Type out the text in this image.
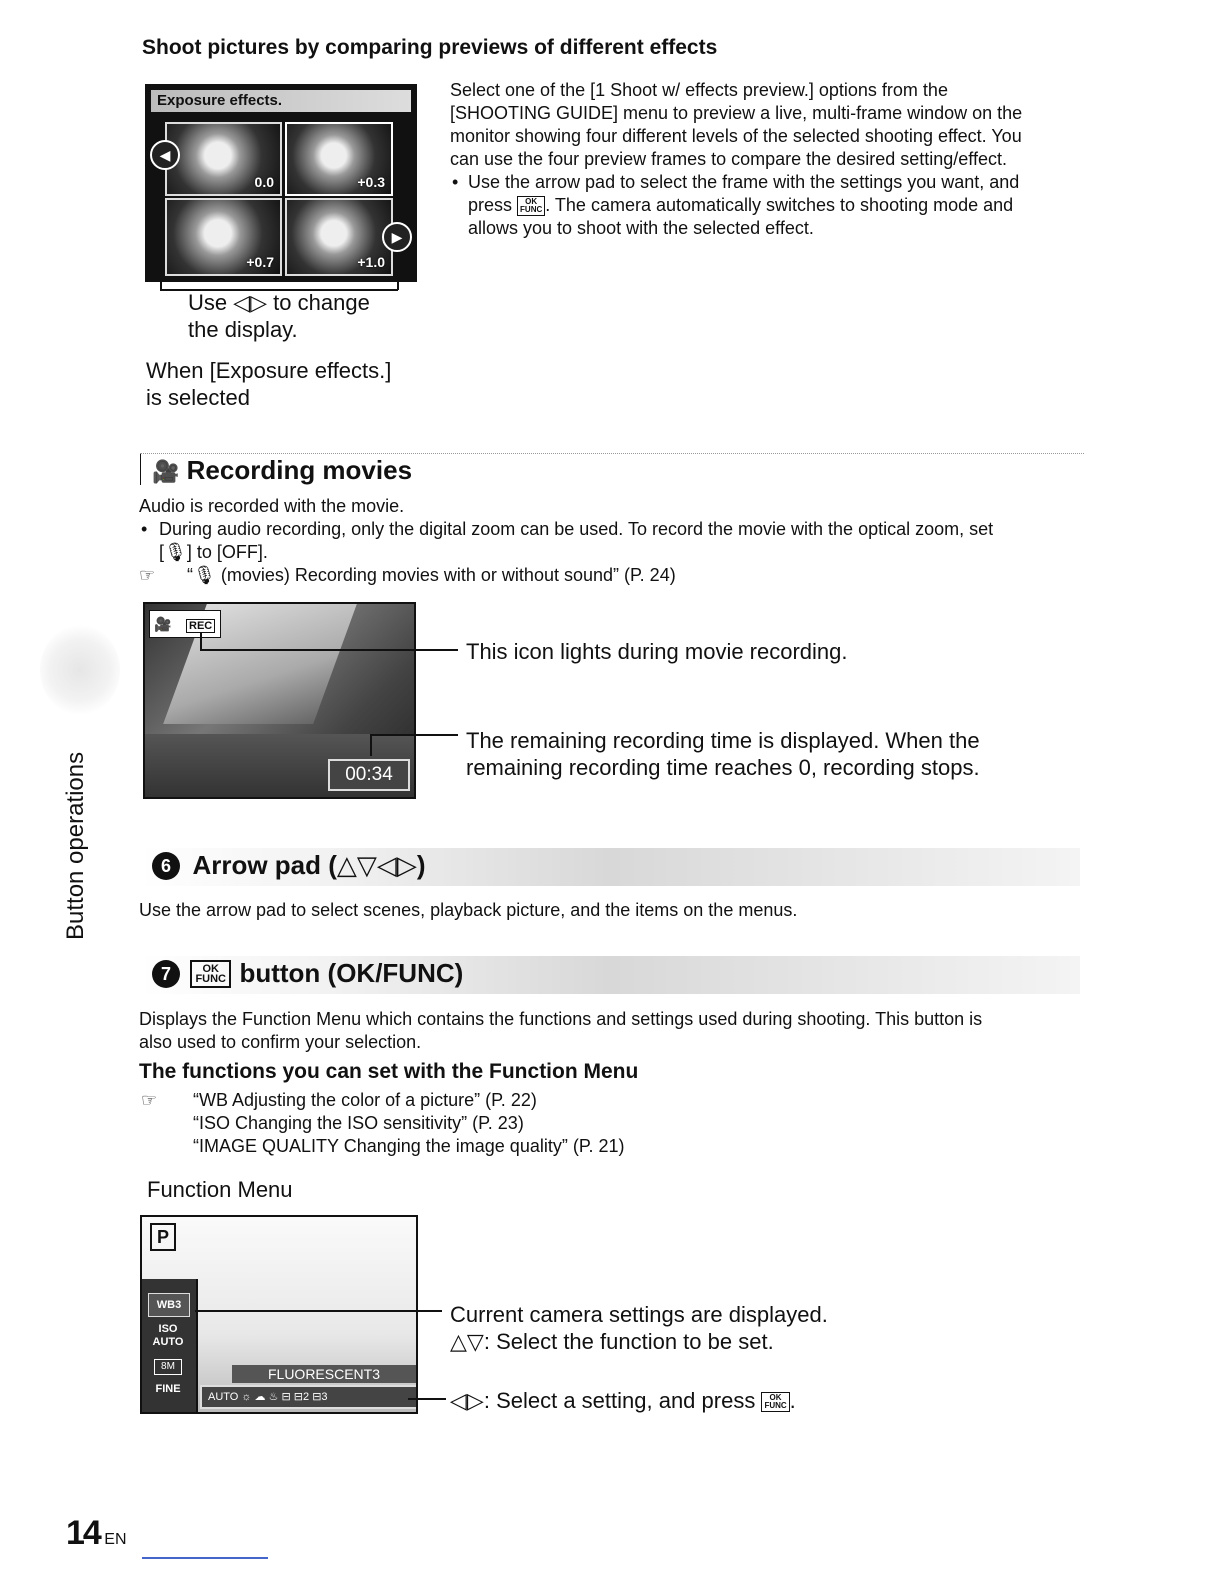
Shoot pictures by comparing previews of different effects
Exposure effects.
0.0	+0.3
+0.7	+1.0
◀
▶
Use ◁▷ to change
the display.
When [Exposure effects.]
is selected
Select one of the [1 Shoot w/ effects preview.] options from the
[SHOOTING GUIDE] menu to preview a live, multi-frame window on the
monitor showing four different levels of the selected shooting effect. You
can use the four preview frames to compare the desired setting/effect.
• Use the arrow pad to select the frame with the settings you want, and
press OK
FUNC . The camera automatically switches to shooting mode and
allows you to shoot with the selected effect.
🎥 Recording movies
Audio is recorded with the movie.
• During audio recording, only the digital zoom can be used. To record the movie with the optical zoom, set
[🎙] to [OFF].
☞ “🎙 (movies) Recording movies with or without sound” (P. 24)
🎥 REC
00:34
This icon lights during movie recording.
The remaining recording time is displayed. When the
remaining recording time reaches 0, recording stops.
Button operations	6 Arrow pad (△▽◁▷)
Use the arrow pad to select scenes, playback picture, and the items on the menus.
7	OK
FUNC button (OK/FUNC)
Displays the Function Menu which contains the functions and settings used during shooting. This button is
also used to confirm your selection.
The functions you can set with the Function Menu
☞ “WB Adjusting the color of a picture” (P. 22)
“ISO Changing the ISO sensitivity” (P. 23)
“IMAGE QUALITY Changing the image quality” (P. 21)
Function Menu
P
WB3
ISO AUTO
8M
FINE
FLUORESCENT3
AUTO ☼ ☁ ♨ ⊟ ⊟2 ⊟3
Current camera settings are displayed.
△▽: Select the function to be set.
◁▷: Select a setting, and press OK
FUNC .
14 EN
